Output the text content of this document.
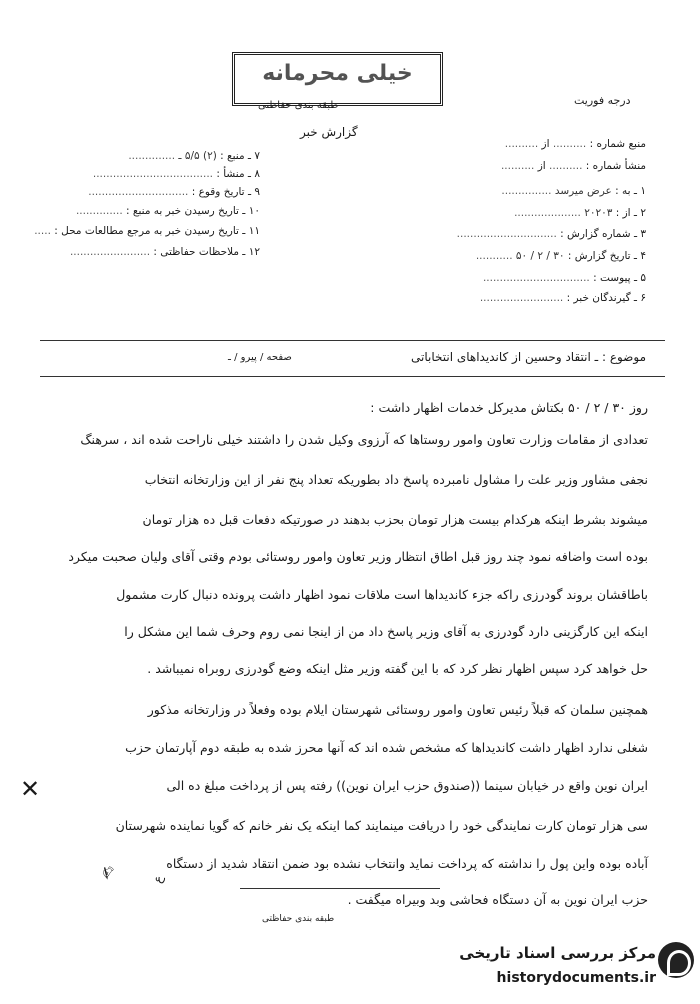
خیلی محرمانه
طبقه بندی حفاظتی	درجه فوریت
گزارش خبر
۷ ـ منبع : (۲) ۵/۵ ـ ..............
۸ ـ منشأ : ....................................
۹ ـ تاریخ وقوع : ..............................
۱۰ ـ تاریخ رسیدن خبر به منبع : ..............
۱۱ ـ تاریخ رسیدن خبر به مرجع مطالعات محل : .....
۱۲ ـ ملاحظات حفاظتی : ........................
منبع شماره : .......... از ..........
منشأ شماره : .......... از ..........
۱ ـ به : عرض میرسد ...............
۲ ـ از : ۲۰۲۰۳ ....................
۳ ـ شماره گزارش : ..............................
۴ ـ تاریخ گزارش : ۳۰ / ۲ / ۵۰ ...........
۵ ـ پیوست : ................................
۶ ـ گیرندگان خبر : .........................
موضوع : ـ انتقاد وحسین از کاندیداهای انتخاباتی
صفحه / پیرو / ـ
روز ۳۰ / ۲ / ۵۰ بکتاش مدیرکل خدمات اظهار داشت :
تعدادی از مقامات وزارت تعاون وامور روستاها که آرزوی وکیل شدن را داشتند خیلی ناراحت شده اند ، سرهنگ
نجفی مشاور وزیر علت را مشاول نامبرده پاسخ داد بطوریکه تعداد پنج نفر از این وزارتخانه انتخاب
میشوند بشرط اینکه هرکدام بیست هزار تومان بحزب بدهند در صورتیکه دفعات قبل ده هزار تومان
بوده است واضافه نمود چند روز قبل اطاق انتظار وزیر تعاون وامور روستائی بودم وقتی آقای ولیان صحبت میکرد
باطاقشان بروند گودرزی راکه جزء کاندیداها است ملاقات نمود اظهار داشت پرونده دنبال کارت مشمول
اینکه این کارگزینی دارد گودرزی به آقای وزیر پاسخ داد من از اینجا نمی روم وحرف شما این مشکل را
حل خواهد کرد سپس اظهار نظر کرد که با این گفته وزیر مثل اینکه وضع گودرزی روبراه نمیباشد .
همچنین سلمان که قبلاً رئیس تعاون وامور روستائی شهرستان ایلام بوده وفعلاً در وزارتخانه مذکور
شغلی ندارد اظهار داشت کاندیداها که مشخص شده اند که آنها محرز شده به طبقه دوم آپارتمان حزب
ایران نوین واقع در خیابان سینما ((صندوق حزب ایران نوین)) رفته پس از پرداخت مبلغ ده الی
سی هزار تومان کارت نمایندگی خود را دریافت مینمایند کما اینکه یک نفر خانم که گویا نماینده شهرستان
آباده بوده واین پول را نداشته که پرداخت نماید وانتخاب نشده بود ضمن انتقاد شدید از دستگاه
حزب ایران نوین به آن دستگاه فحاشی وبد وبیراه میگفت .
✍	ع
✕
طبقه بندی حفاظتی
مرکز بررسی اسناد تاریخی
historydocuments.ir
